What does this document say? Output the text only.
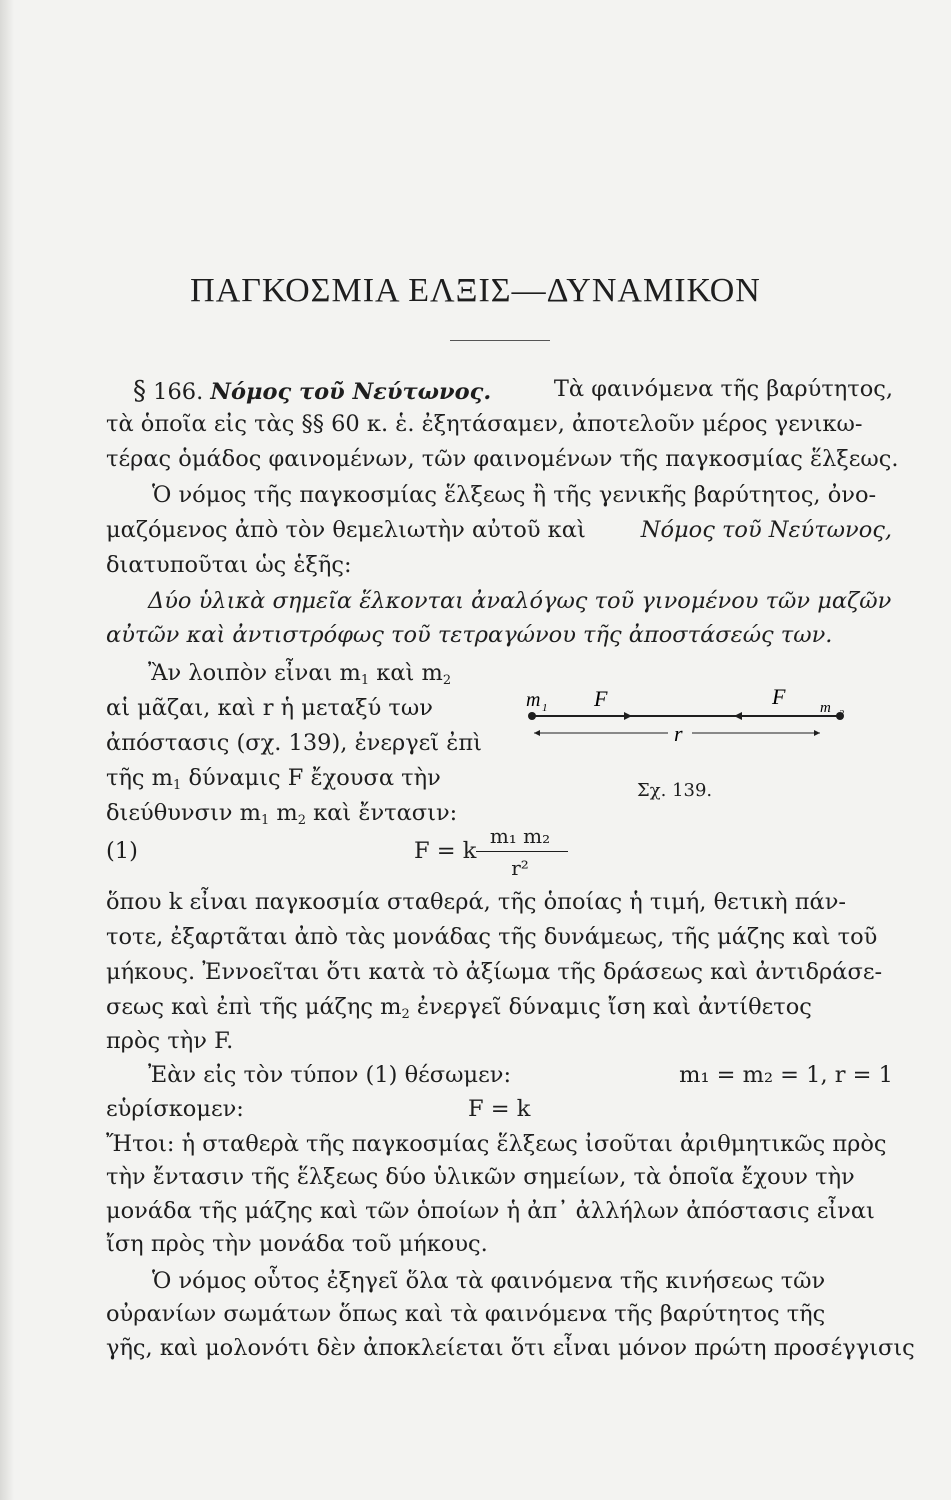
ΠΑΓΚΟΣΜΙΑ ΕΛΞΙΣ—ΔΥΝΑΜΙΚΟΝ
§ 166. Νόμος τοῦ Νεύτωνος.	Τὰ φαινόμενα τῆς βαρύτητος,
τὰ ὁποῖα εἰς τὰς §§ 60 κ. ἑ. ἐξητάσαμεν, ἀποτελοῦν μέρος γενικω-
τέρας ὁμάδος φαινομένων, τῶν φαινομένων τῆς παγκοσμίας ἕλξεως.
Ὁ νόμος τῆς παγκοσμίας ἕλξεως ἢ τῆς γενικῆς βαρύτητος, ὀνο-
μαζόμενος ἀπὸ τὸν θεμελιωτὴν αὐτοῦ καὶ Νόμος τοῦ Νεύτωνος,
διατυποῦται ὡς ἑξῆς:
Δύο ὑλικὰ σημεῖα ἕλκονται ἀναλόγως τοῦ γινομένου τῶν μαζῶν
αὐτῶν καὶ ἀντιστρόφως τοῦ τετραγώνου τῆς ἀποστάσεώς των.
Ἂν λοιπὸν εἶναι $m_1$ καὶ $m_2$
αἱ μᾶζαι, καὶ r ἡ μεταξύ των
ἀπόστασις (σχ. 139), ἐνεργεῖ ἐπὶ
τῆς $m_1$ δύναμις F ἔχουσα τὴν
διεύθυνσιν $m_1$ $m_2$ καὶ ἔντασιν:
m 1 F	F m
r
Σχ. 139.
(1)	F = k
m₁ m₂
r²
ὅπου k εἶναι παγκοσμία σταθερά, τῆς ὁποίας ἡ τιμή, θετικὴ πάν-
τοτε, ἐξαρτᾶται ἀπὸ τὰς μονάδας τῆς δυνάμεως, τῆς μάζης καὶ τοῦ
μήκους. Ἐννοεῖται ὅτι κατὰ τὸ ἀξίωμα τῆς δράσεως καὶ ἀντιδράσε-
σεως καὶ ἐπὶ τῆς μάζης $m_2$ ἐνεργεῖ δύναμις ἴση καὶ ἀντίθετος
πρὸς τὴν F.
Ἐὰν εἰς τὸν τύπον (1) θέσωμεν:	m₁ = m₂ = 1, r = 1
εὑρίσκομεν:	F = k
Ἤτοι: ἡ σταθερὰ τῆς παγκοσμίας ἕλξεως ἰσοῦται ἀριθμητικῶς πρὸς
τὴν ἔντασιν τῆς ἕλξεως δύο ὑλικῶν σημείων, τὰ ὁποῖα ἔχουν τὴν
μονάδα τῆς μάζης καὶ τῶν ὁποίων ἡ ἀπ᾽ ἀλλήλων ἀπόστασις εἶναι
ἴση πρὸς τὴν μονάδα τοῦ μήκους.
Ὁ νόμος οὗτος ἐξηγεῖ ὅλα τὰ φαινόμενα τῆς κινήσεως τῶν
οὐρανίων σωμάτων ὅπως καὶ τὰ φαινόμενα τῆς βαρύτητος τῆς
γῆς, καὶ μολονότι δὲν ἀποκλείεται ὅτι εἶναι μόνον πρώτη προσέγγισις
